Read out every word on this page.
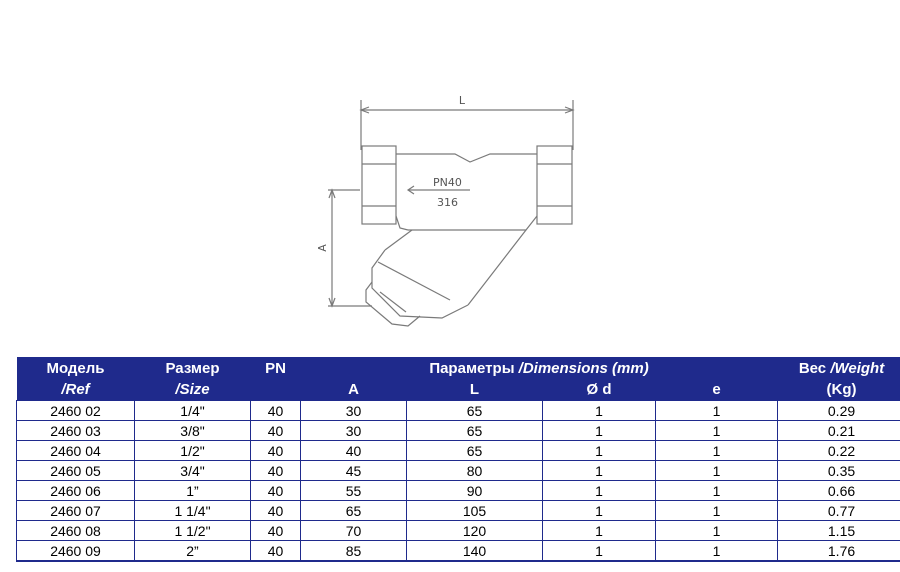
L
A
PN40
316
Модель	Размер	PN	Параметры /Dimensions (mm)				Вес /Weight
/Ref	/Size		A	L	Ø d	e	(Kg)
2460 02	1/4"	40	30	65	1	1	0.29
2460 03	3/8"	40	30	65	1	1	0.21
2460 04	1/2"	40	40	65	1	1	0.22
2460 05	3/4"	40	45	80	1	1	0.35
2460 06	1”	40	55	90	1	1	0.66
2460 07	1 1/4"	40	65	105	1	1	0.77
2460 08	1 1/2"	40	70	120	1	1	1.15
2460 09	2”	40	85	140	1	1	1.76
